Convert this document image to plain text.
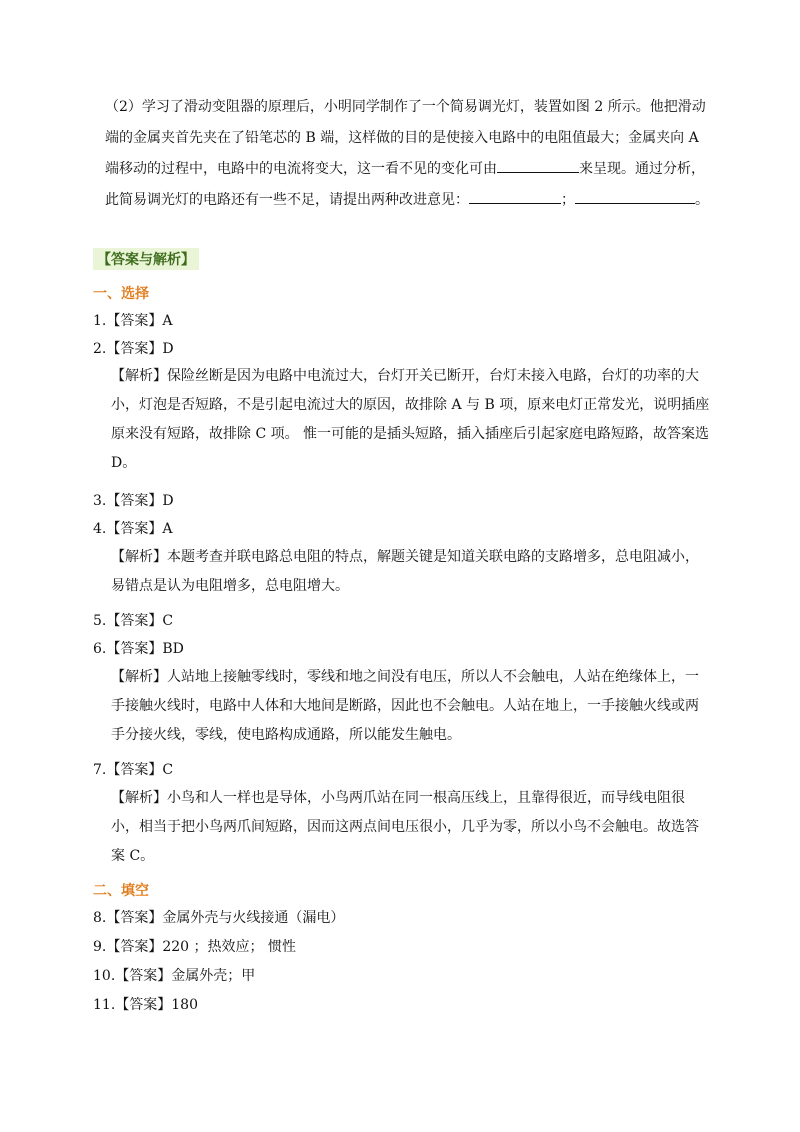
（2）学习了滑动变阻器的原理后，小明同学制作了一个简易调光灯，装置如图 2 所示。他把滑动端的金属夹首先夹在了铅笔芯的 B 端，这样做的目的是使接入电路中的电阻值最大；金属夹向 A 端移动的过程中，电路中的电流将变大，这一看不见的变化可由	来呈现。通过分析，此简易调光灯的电路还有一些不足，请提出两种改进意见：	；	。

【答案与解析】
一、选择
1.【答案】A
2.【答案】D

【解析】保险丝断是因为电路中电流过大，台灯开关已断开，台灯未接入电路，台灯的功率的大小，灯泡是否短路，不是引起电流过大的原因，故排除 A 与 B 项，原来电灯正常发光，说明插座原来没有短路，故排除 C 项。 惟一可能的是插头短路，插入插座后引起家庭电路短路，故答案选 D。

3.【答案】D
4.【答案】A

【解析】本题考查并联电路总电阻的特点，解题关键是知道关联电路的支路增多，总电阻减小，易错点是认为电阻增多，总电阻增大。

5.【答案】C
6.【答案】BD

【解析】人站地上接触零线时，零线和地之间没有电压，所以人不会触电，人站在绝缘体上，一手接触火线时，电路中人体和大地间是断路，因此也不会触电。人站在地上，一手接触火线或两手分接火线，零线，使电路构成通路，所以能发生触电。

7.【答案】C

【解析】小鸟和人一样也是导体，小鸟两爪站在同一根高压线上，且靠得很近，而导线电阻很小，相当于把小鸟两爪间短路，因而这两点间电压很小，几乎为零，所以小鸟不会触电。故选答案 C。

二、填空
8.【答案】金属外壳与火线接通（漏电）
9.【答案】220 ；热效应； 惯性
10.【答案】金属外壳；甲
11.【答案】180
